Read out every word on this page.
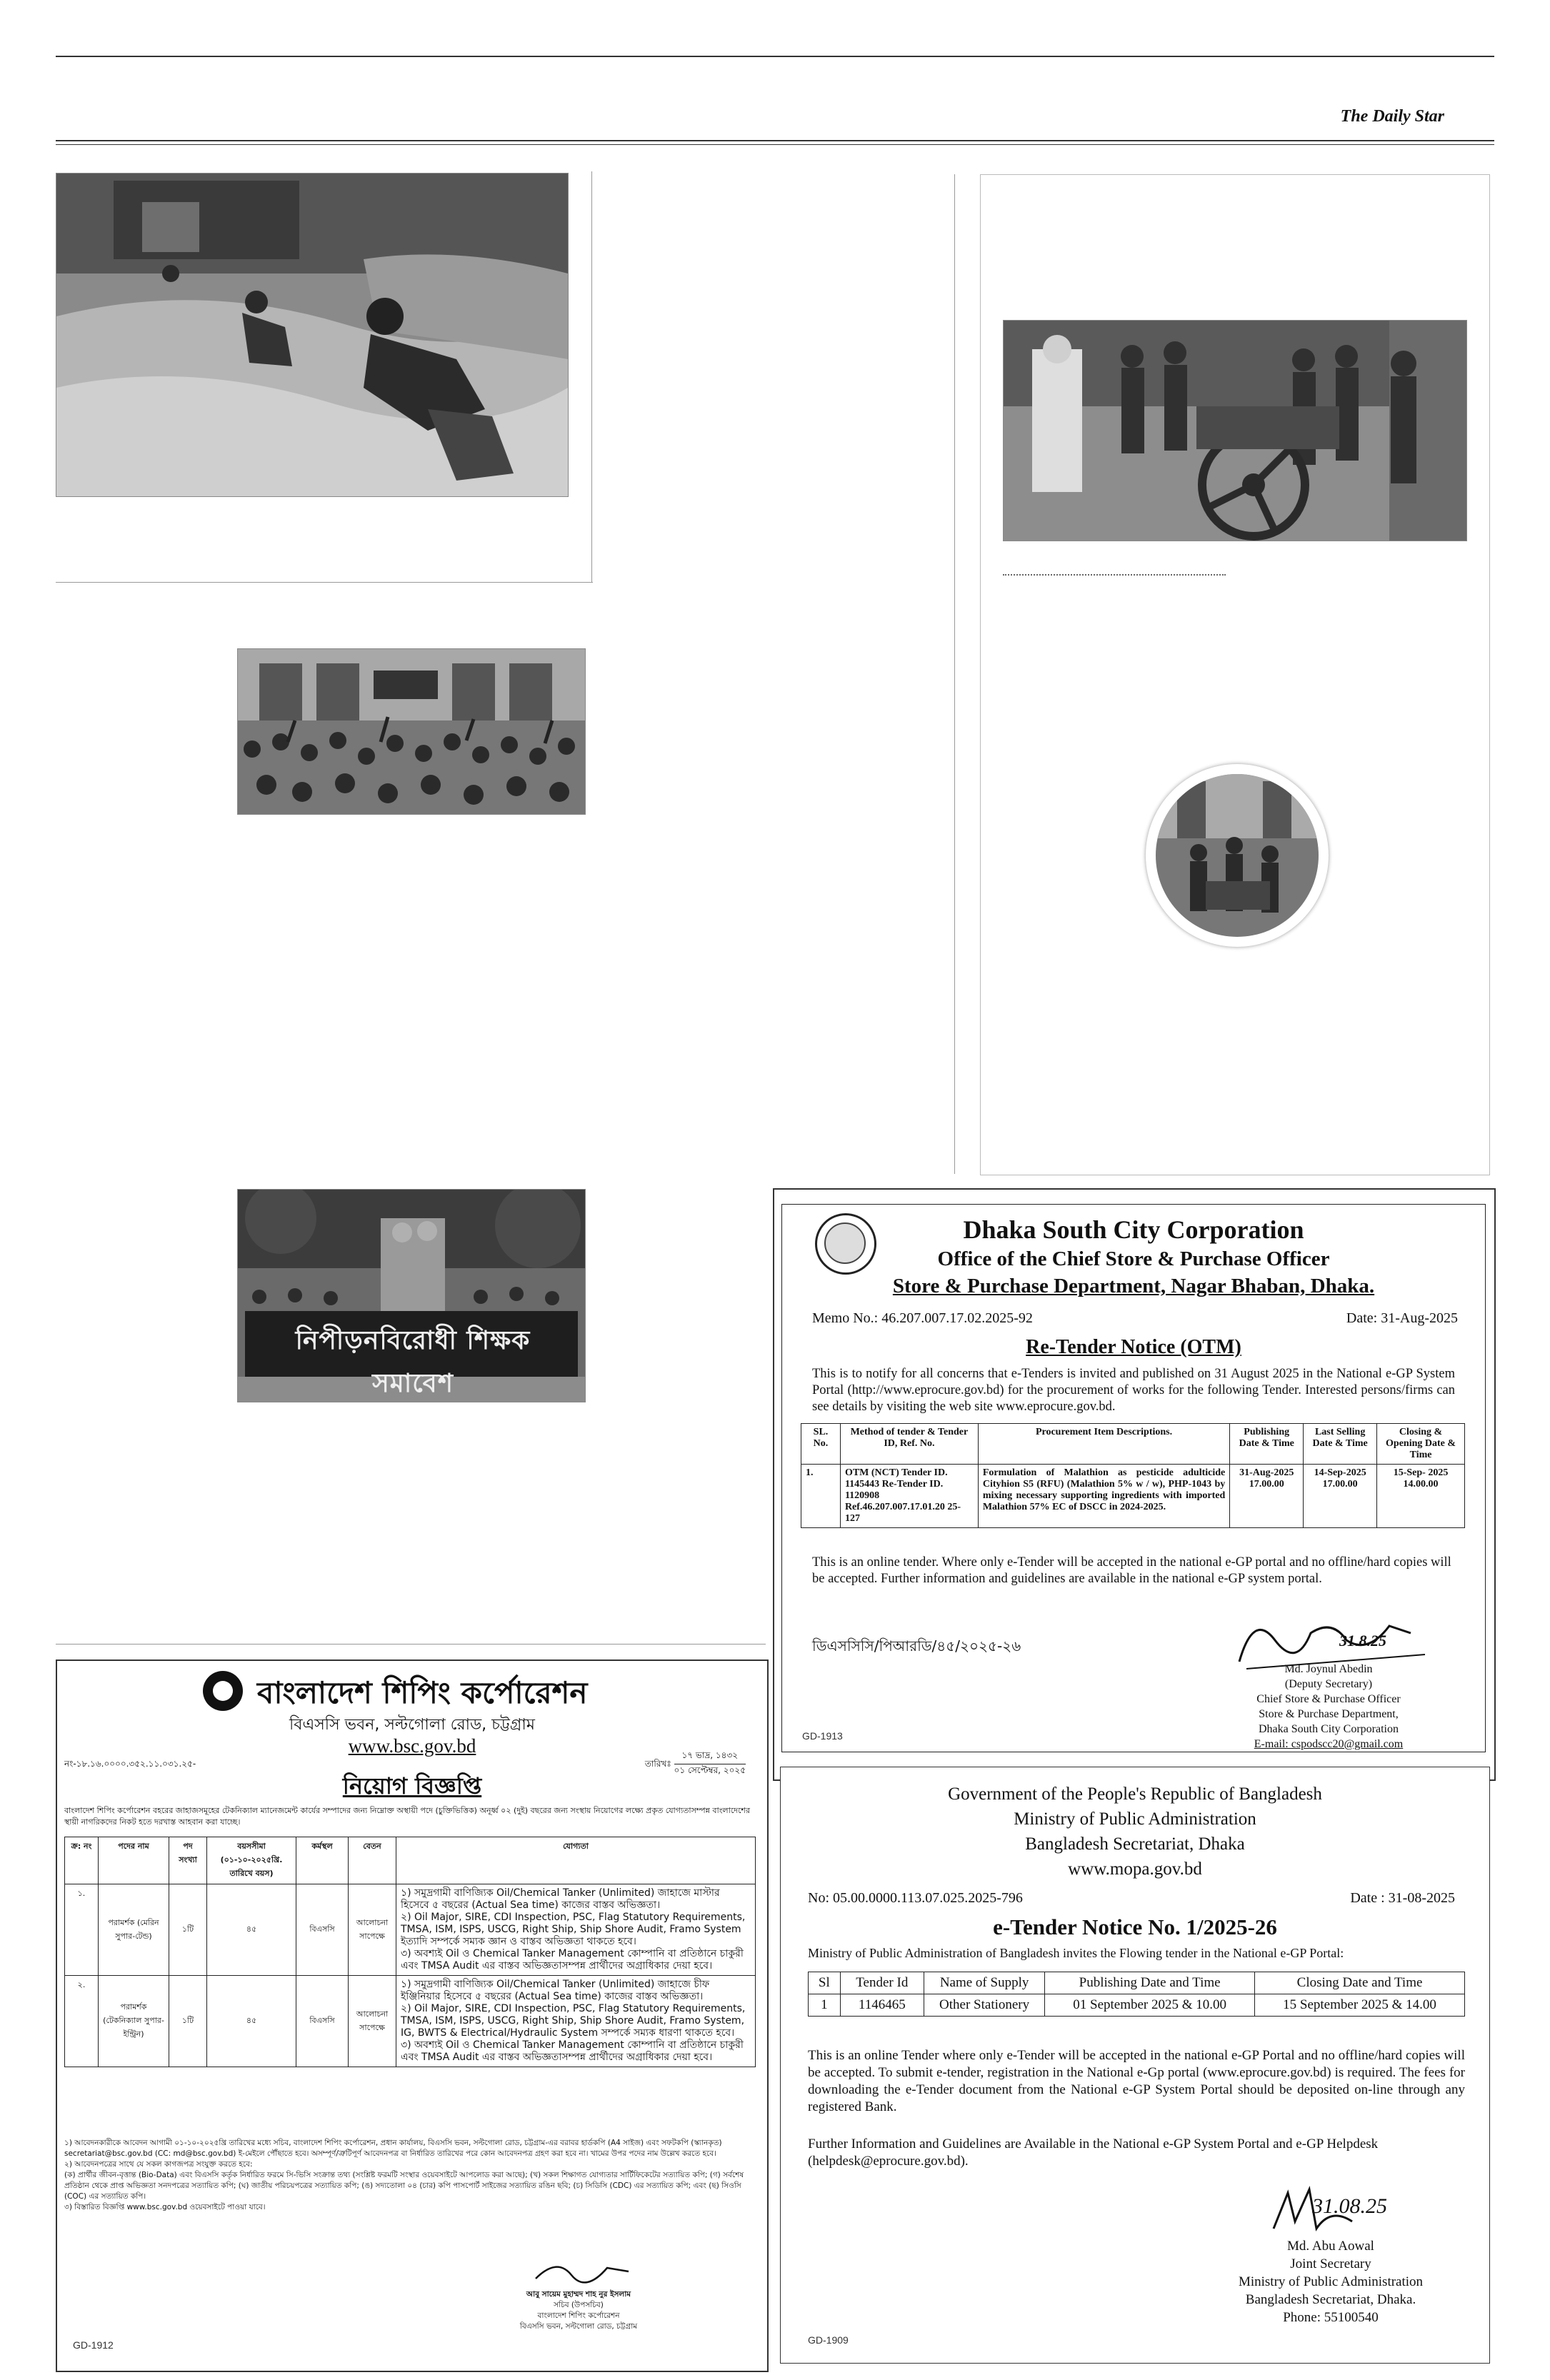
The Daily Star
নিপীড়নবিরোধী শিক্ষক সমাবেশ
Dhaka South City Corporation
Office of the Chief Store & Purchase Officer
Store & Purchase Department, Nagar Bhaban, Dhaka.
Memo No.: 46.207.007.17.02.2025-92	Date: 31-Aug-2025
Re-Tender Notice (OTM)
This is to notify for all concerns that e-Tenders is invited and published on 31 August 2025 in the National e-GP System Portal (http://www.eprocure.gov.bd) for the procurement of works for the following Tender. Interested persons/firms can see details by visiting the web site www.eprocure.gov.bd.
SL. No.	Method of tender & Tender ID, Ref. No.	Procurement Item Descriptions.	Publishing Date & Time	Last Selling Date & Time	Closing & Opening Date & Time
1.	OTM (NCT) Tender ID. 1145443 Re-Tender ID. 1120908 Ref.46.207.007.17.01.20 25-127	Formulation of Malathion as pesticide adulticide Cityhion S5 (RFU) (Malathion 5% w / w), PHP-1043 by mixing necessary supporting ingredients with imported Malathion 57% EC of DSCC in 2024-2025.	31-Aug-2025 17.00.00	14-Sep-2025 17.00.00	15-Sep- 2025 14.00.00
This is an online tender. Where only e-Tender will be accepted in the national e-GP portal and no offline/hard copies will be accepted. Further information and guidelines are available in the national e-GP system portal.
ডিএসসিসি/পিআরডি/৪৫/২০২৫-২৬	31.8.25
Md. Joynul Abedin
(Deputy Secretary)
Chief Store & Purchase Officer
Store & Purchase Department,
Dhaka South City Corporation
E-mail: cspodscc20@gmail.com
GD-1913
Government of the People's Republic of Bangladesh
Ministry of Public Administration
Bangladesh Secretariat, Dhaka
www.mopa.gov.bd
No: 05.00.0000.113.07.025.2025-796	Date : 31-08-2025
e-Tender Notice No. 1/2025-26
Ministry of Public Administration of Bangladesh invites the Flowing tender in the National e-GP Portal:
Sl	Tender Id	Name of Supply	Publishing Date and Time	Closing Date and Time
1	1146465	Other Stationery	01 September 2025 & 10.00	15 September 2025 & 14.00
This is an online Tender where only e-Tender will be accepted in the national e-GP Portal and no offline/hard copies will be accepted. To submit e-tender, registration in the National e-Gp portal (www.eprocure.gov.bd) is required. The fees for downloading the e-Tender document from the National e-GP System Portal should be deposited on-line through any registered Bank.
Further Information and Guidelines are Available in the National e-GP System Portal and e-GP Helpdesk (helpdesk@eprocure.gov.bd).
31.08.25
Md. Abu Aowal
Joint Secretary
Ministry of Public Administration
Bangladesh Secretariat, Dhaka.
Phone: 55100540
GD-1909
বাংলাদেশ শিপিং কর্পোরেশন
বিএসসি ভবন, সল্টগোলা রোড, চট্টগ্রাম
www.bsc.gov.bd
নং-১৮.১৬.০০০০.৩৫২.১১.০৩১.২৫-	তারিখঃ
১৭ ভাদ্র, ১৪৩২
০১ সেপ্টেম্বর, ২০২৫
নিয়োগ বিজ্ঞপ্তি
বাংলাদেশ শিপিং কর্পোরেশন বহরের জাহাজসমূহের টেকনিক্যাল ম্যানেজমেন্ট কার্যের সম্পাদের জন্য নিম্নোক্ত অস্থায়ী পদে (চুক্তিভিত্তিক) অনূর্ধ্ব ০২ (দুই) বছরের জন্য সংস্থায় নিয়োগের লক্ষ্যে প্রকৃত যোগ্যতাসম্পন্ন বাংলাদেশের স্থায়ী নাগরিকদের নিকট হতে দরখাস্ত আহবান করা যাচ্ছে।
ক্র: নং	পদের নাম	পদ সংখ্যা	বয়সসীমা (০১-১০-২০২৫খ্রি. তারিখে বয়স)	কর্মস্থল	বেতন	যোগ্যতা
১.	পরামর্শক (মেরিন সুপার-টেন্ড)	১টি	৪৫	বিএসসি	আলোচনা সাপেক্ষে	১) সমুদ্রগামী বাণিজ্যিক Oil/Chemical Tanker (Unlimited) জাহাজে মাস্টার হিসেবে ৫ বছরের (Actual Sea time) কাজের বাস্তব অভিজ্ঞতা।
২) Oil Major, SIRE, CDI Inspection, PSC, Flag Statutory Requirements, TMSA, ISM, ISPS, USCG, Right Ship, Ship Shore Audit, Framo System ইত্যাদি সম্পর্কে সম্যক জ্ঞান ও বাস্তব অভিজ্ঞতা থাকতে হবে।
৩) অবশ্যই Oil ও Chemical Tanker Management কোম্পানি বা প্রতিষ্ঠানে চাকুরী এবং TMSA Audit এর বাস্তব অভিজ্ঞতাসম্পন্ন প্রার্থীদের অগ্রাধিকার দেয়া হবে।

২.	পরামর্শক (টেকনিক্যাল সুপার-ইন্ট্রিন)	১টি	৪৫	বিএসসি	আলোচনা সাপেক্ষে	১) সমুদ্রগামী বাণিজ্যিক Oil/Chemical Tanker (Unlimited) জাহাজে চীফ ইঞ্জিনিয়ার হিসেবে ৫ বছরের (Actual Sea time) কাজের বাস্তব অভিজ্ঞতা।
২) Oil Major, SIRE, CDI Inspection, PSC, Flag Statutory Requirements, TMSA, ISM, ISPS, USCG, Right Ship, Ship Shore Audit, Framo System, IG, BWTS & Electrical/Hydraulic System সম্পর্কে সম্যক ধারণা থাকতে হবে।
৩) অবশ্যই Oil ও Chemical Tanker Management কোম্পানি বা প্রতিষ্ঠানে চাকুরী এবং TMSA Audit এর বাস্তব অভিজ্ঞতাসম্পন্ন প্রার্থীদের অগ্রাধিকার দেয়া হবে।
১) আবেদনকারীকে আবেদন আগামী ০১-১০-২০২৫খ্রি তারিখের মধ্যে সচিব, বাংলাদেশ শিপিং কর্পোরেশন, প্রধান কার্যালয়, বিএসসি ভবন, সল্টগোলা রোড, চট্টগ্রাম-এর বরাবর হার্ডকপি (A4 সাইজ) এবং সফটকপি (স্ক্যানকৃত) secretariat@bsc.gov.bd (CC: md@bsc.gov.bd) ই-মেইলে পৌঁছাতে হবে। অসম্পূর্ণ/ত্রুটিপূর্ণ আবেদনপত্র বা নির্ধারিত তারিখের পরে কোন আবেদনপত্র গ্রহণ করা হবে না। খামের উপর পদের নাম উল্লেখ করতে হবে।
২) আবেদনপত্রের সাথে যে সকল কাগজপত্র সংযুক্ত করতে হবে:
(ক) প্রার্থীর জীবন-বৃত্তান্ত (Bio-Data) এবং বিএসসি কর্তৃক নির্ধারিত ফরমে সি-ভিসি সংক্রান্ত তথ্য (সংশ্লিষ্ট ফরমটি সংস্থার ওয়েবসাইটে আপলোড করা আছে); (খ) সকল শিক্ষাগত যোগ্যতার সার্টিফিকেটের সত্যায়িত কপি; (গ) সর্বশেষ প্রতিষ্ঠান থেকে প্রাপ্ত অভিজ্ঞতা সনদপত্রের সত্যায়িত কপি; (ঘ) জাতীয় পরিচয়পত্রের সত্যায়িত কপি; (ঙ) সদ্যতোলা ০৪ (চার) কপি পাসপোর্ট সাইজের সত্যায়িত রঙিন ছবি; (চ) সিডিসি (CDC) এর সত্যায়িত কপি; এবং (ছ) সিওসি (COC) এর সত্যায়িত কপি।
৩) বিস্তারিত বিজ্ঞপ্তি www.bsc.gov.bd ওয়েবসাইটে পাওয়া যাবে।
আবু সায়েম মুহাম্মদ শাহ নুর ইসলাম
সচিব (উপসচিব)
বাংলাদেশ শিপিং কর্পোরেশন
বিএসসি ভবন, সল্টগোলা রোড, চট্টগ্রাম
GD-1912
